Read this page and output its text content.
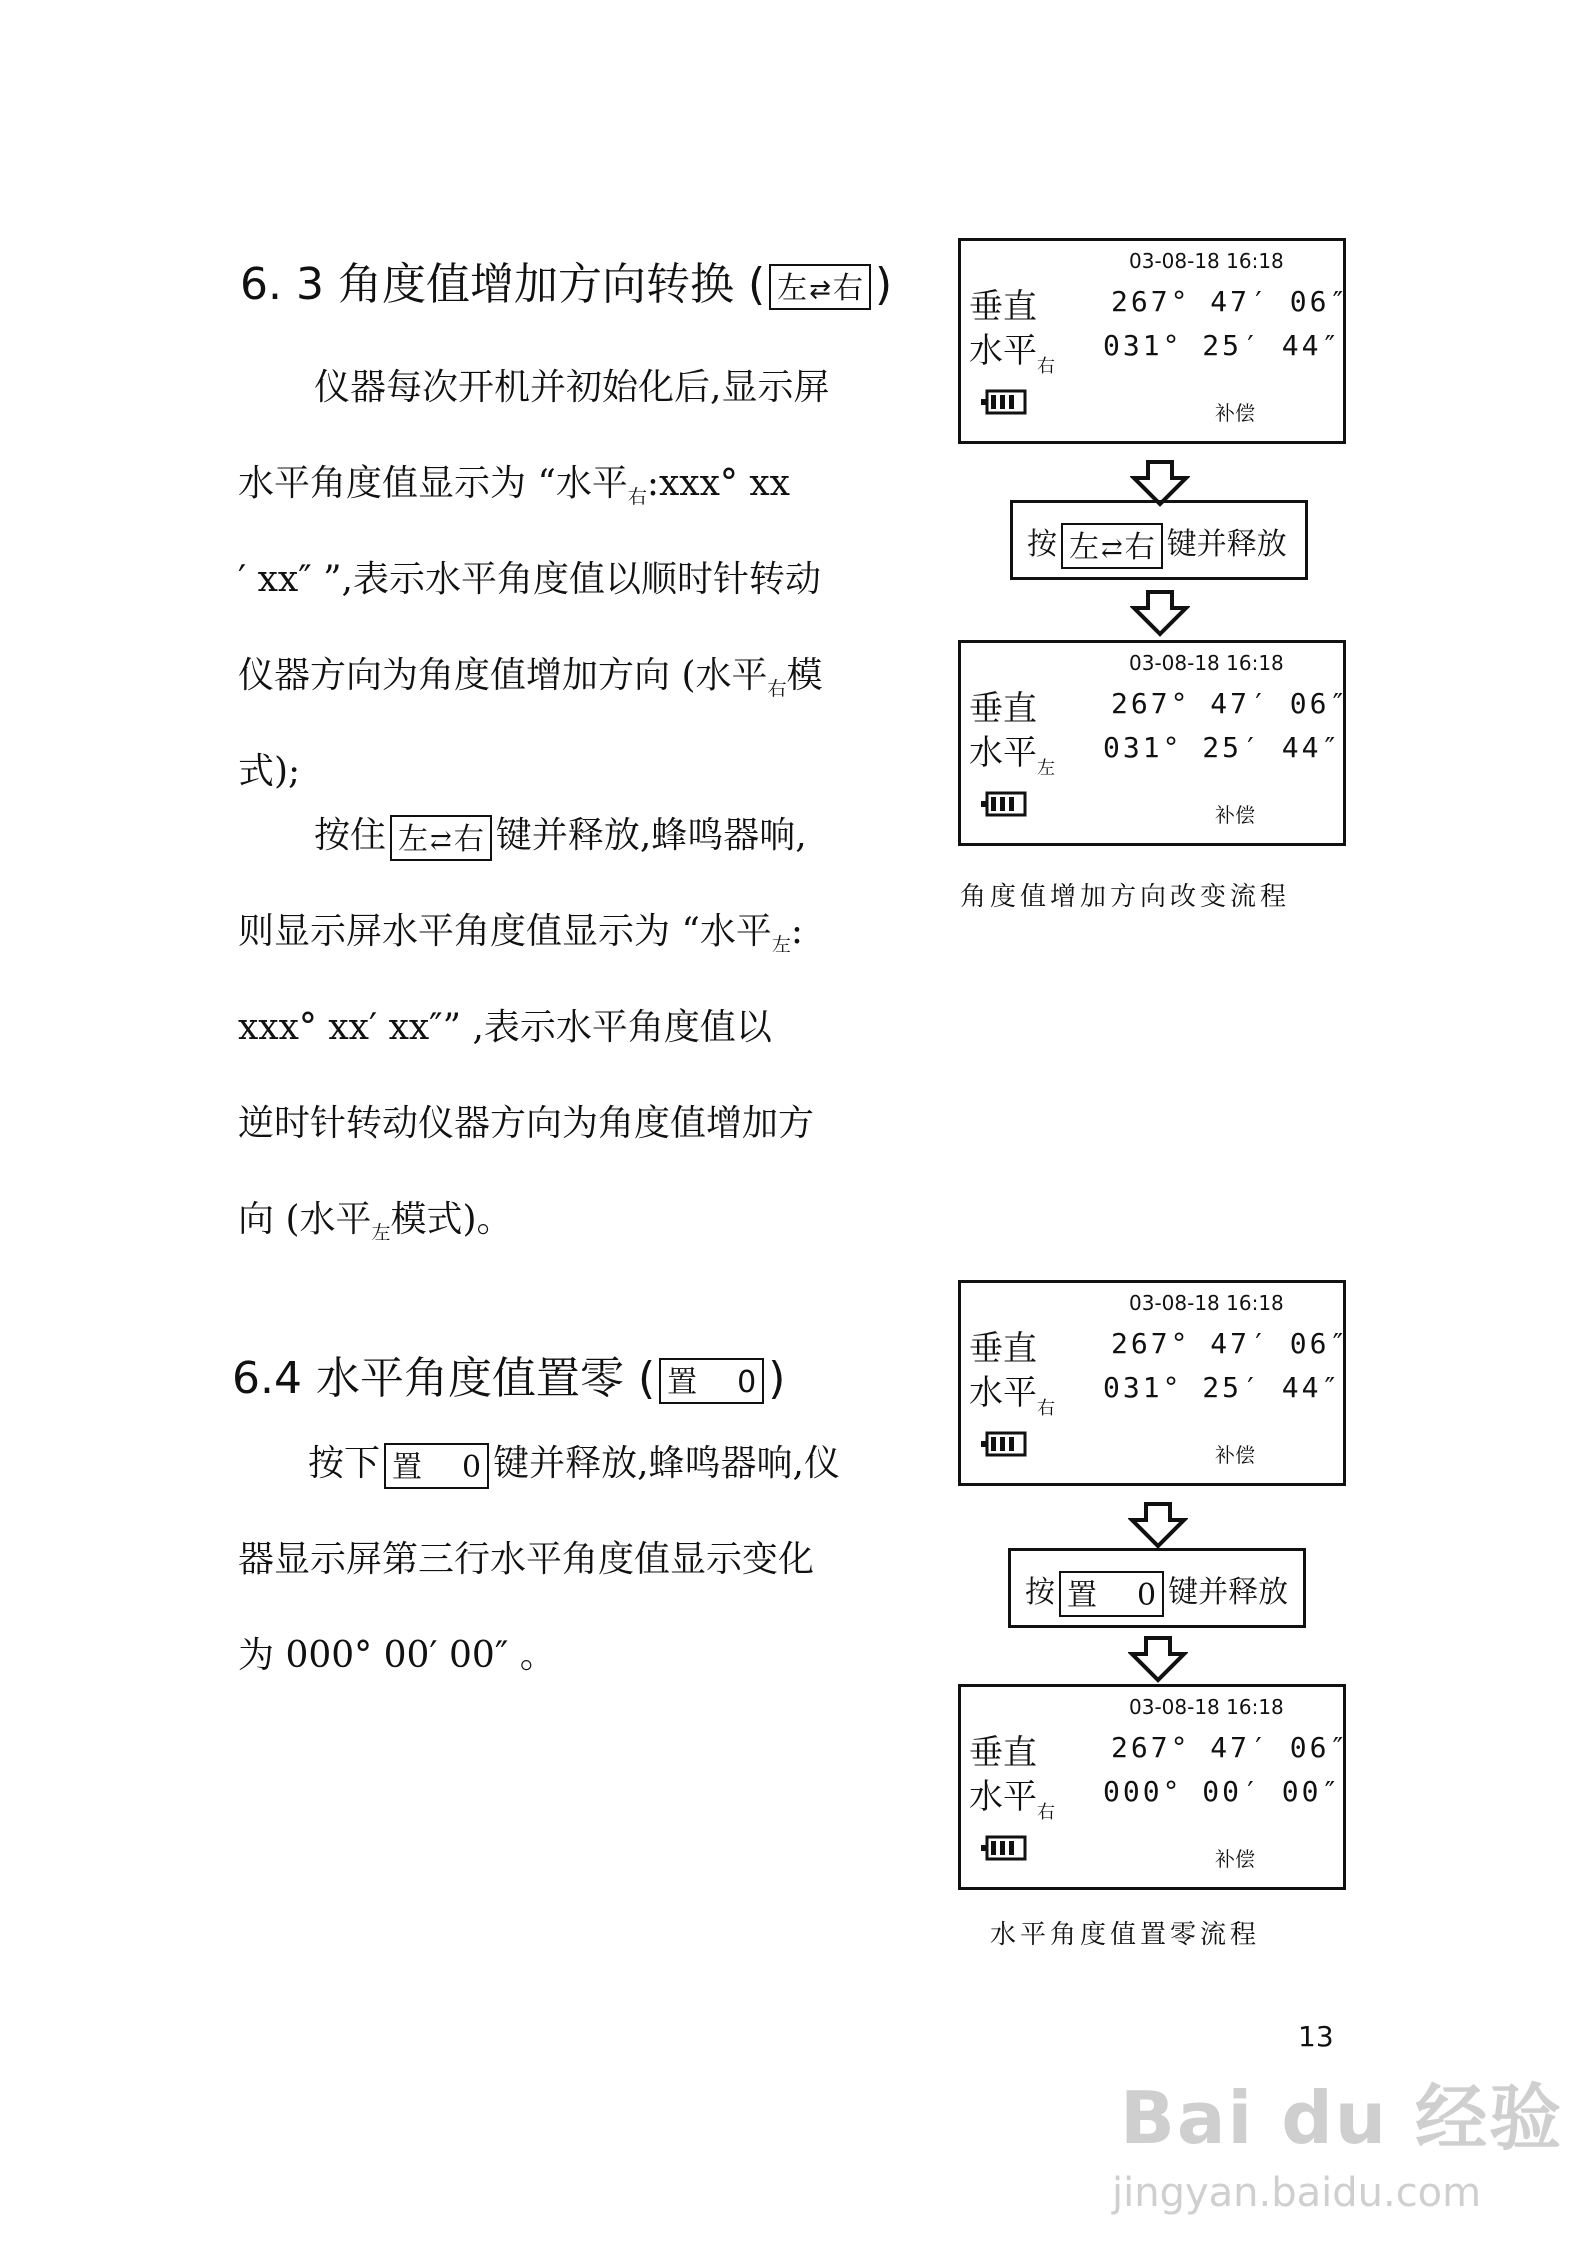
6. 3 角度值增加方向转换 ( 左⇄右 )
仪器每次开机并初始化后,显示屏
水平角度值显示为 “水平$_右$:xxx° xx
′ xx″ ”,表示水平角度值以顺时针转动
仪器方向为角度值增加方向 (水平$_右$模
式);
按住 左⇄右 键并释放,蜂鸣器响,
则显示屏水平角度值显示为 “水平$_左$:
xxx° xx′ xx″” ,表示水平角度值以
逆时针转动仪器方向为角度值增加方
向 (水平$_左$模式)。
6.4 水平角度值置零 ( 置 0 )
按下 置 0 键并释放,蜂鸣器响,仪
器显示屏第三行水平角度值显示变化
为 000° 00′ 00″ 。
03-08-18 16:18
垂直	267° 47′ 06″
水平$_右$
031° 25′ 44″
补偿
按 左⇄右 键并释放
03-08-18 16:18
垂直	267° 47′ 06″
水平$_左$
031° 25′ 44″
补偿
角度值增加方向改变流程
03-08-18 16:18
垂直	267° 47′ 06″
水平$_右$
031° 25′ 44″
补偿
按 置 0 键并释放
03-08-18 16:18
垂直	267° 47′ 06″
水平$_右$
000° 00′ 00″
补偿
水平角度值置零流程
13
Bai du 经验
jingyan.baidu.com
